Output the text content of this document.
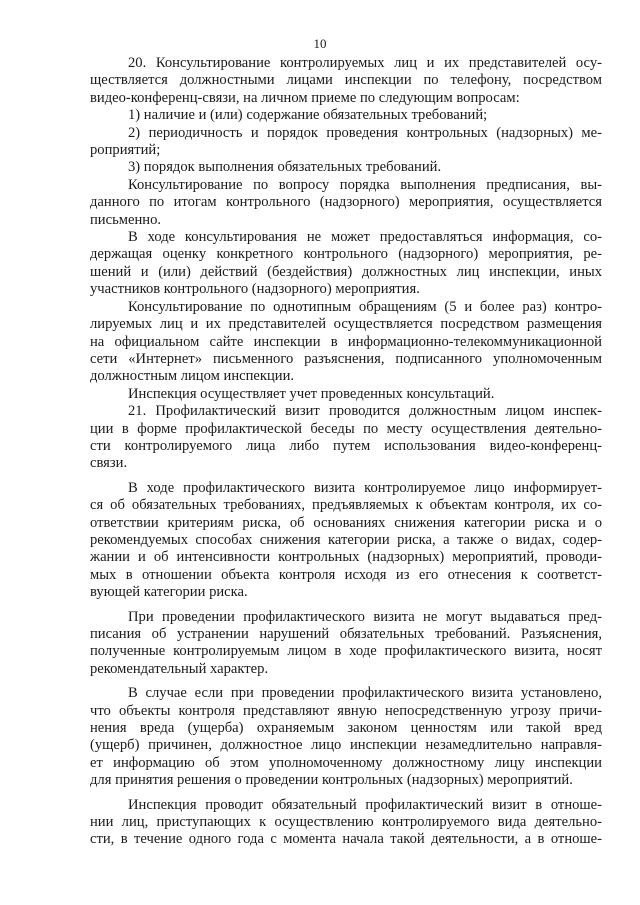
10
20. Консультирование контролируемых лиц и их представителей осу-
ществляется должностными лицами инспекции по телефону, посредством
видео-конференц-связи, на личном приеме по следующим вопросам:
1) наличие и (или) содержание обязательных требований;
2) периодичность и порядок проведения контрольных (надзорных) ме-
роприятий;
3) порядок выполнения обязательных требований.
Консультирование по вопросу порядка выполнения предписания, вы-
данного по итогам контрольного (надзорного) мероприятия, осуществляется
письменно.
В ходе консультирования не может предоставляться информация, со-
держащая оценку конкретного контрольного (надзорного) мероприятия, ре-
шений и (или) действий (бездействия) должностных лиц инспекции, иных
участников контрольного (надзорного) мероприятия.
Консультирование по однотипным обращениям (5 и более раз) контро-
лируемых лиц и их представителей осуществляется посредством размещения
на официальном сайте инспекции в информационно-телекоммуникационной
сети «Интернет» письменного разъяснения, подписанного уполномоченным
должностным лицом инспекции.
Инспекция осуществляет учет проведенных консультаций.
21. Профилактический визит проводится должностным лицом инспек-
ции в форме профилактической беседы по месту осуществления деятельно-
сти контролируемого лица либо путем использования видео-конференц-
связи.
В ходе профилактического визита контролируемое лицо информирует-
ся об обязательных требованиях, предъявляемых к объектам контроля, их со-
ответствии критериям риска, об основаниях снижения категории риска и о
рекомендуемых способах снижения категории риска, а также о видах, содер-
жании и об интенсивности контрольных (надзорных) мероприятий, проводи-
мых в отношении объекта контроля исходя из его отнесения к соответст-
вующей категории риска.
При проведении профилактического визита не могут выдаваться пред-
писания об устранении нарушений обязательных требований. Разъяснения,
полученные контролируемым лицом в ходе профилактического визита, носят
рекомендательный характер.
В случае если при проведении профилактического визита установлено,
что объекты контроля представляют явную непосредственную угрозу причи-
нения вреда (ущерба) охраняемым законом ценностям или такой вред
(ущерб) причинен, должностное лицо инспекции незамедлительно направля-
ет информацию об этом уполномоченному должностному лицу инспекции
для принятия решения о проведении контрольных (надзорных) мероприятий.
Инспекция проводит обязательный профилактический визит в отноше-
нии лиц, приступающих к осуществлению контролируемого вида деятельно-
сти, в течение одного года с момента начала такой деятельности, а в отноше-
